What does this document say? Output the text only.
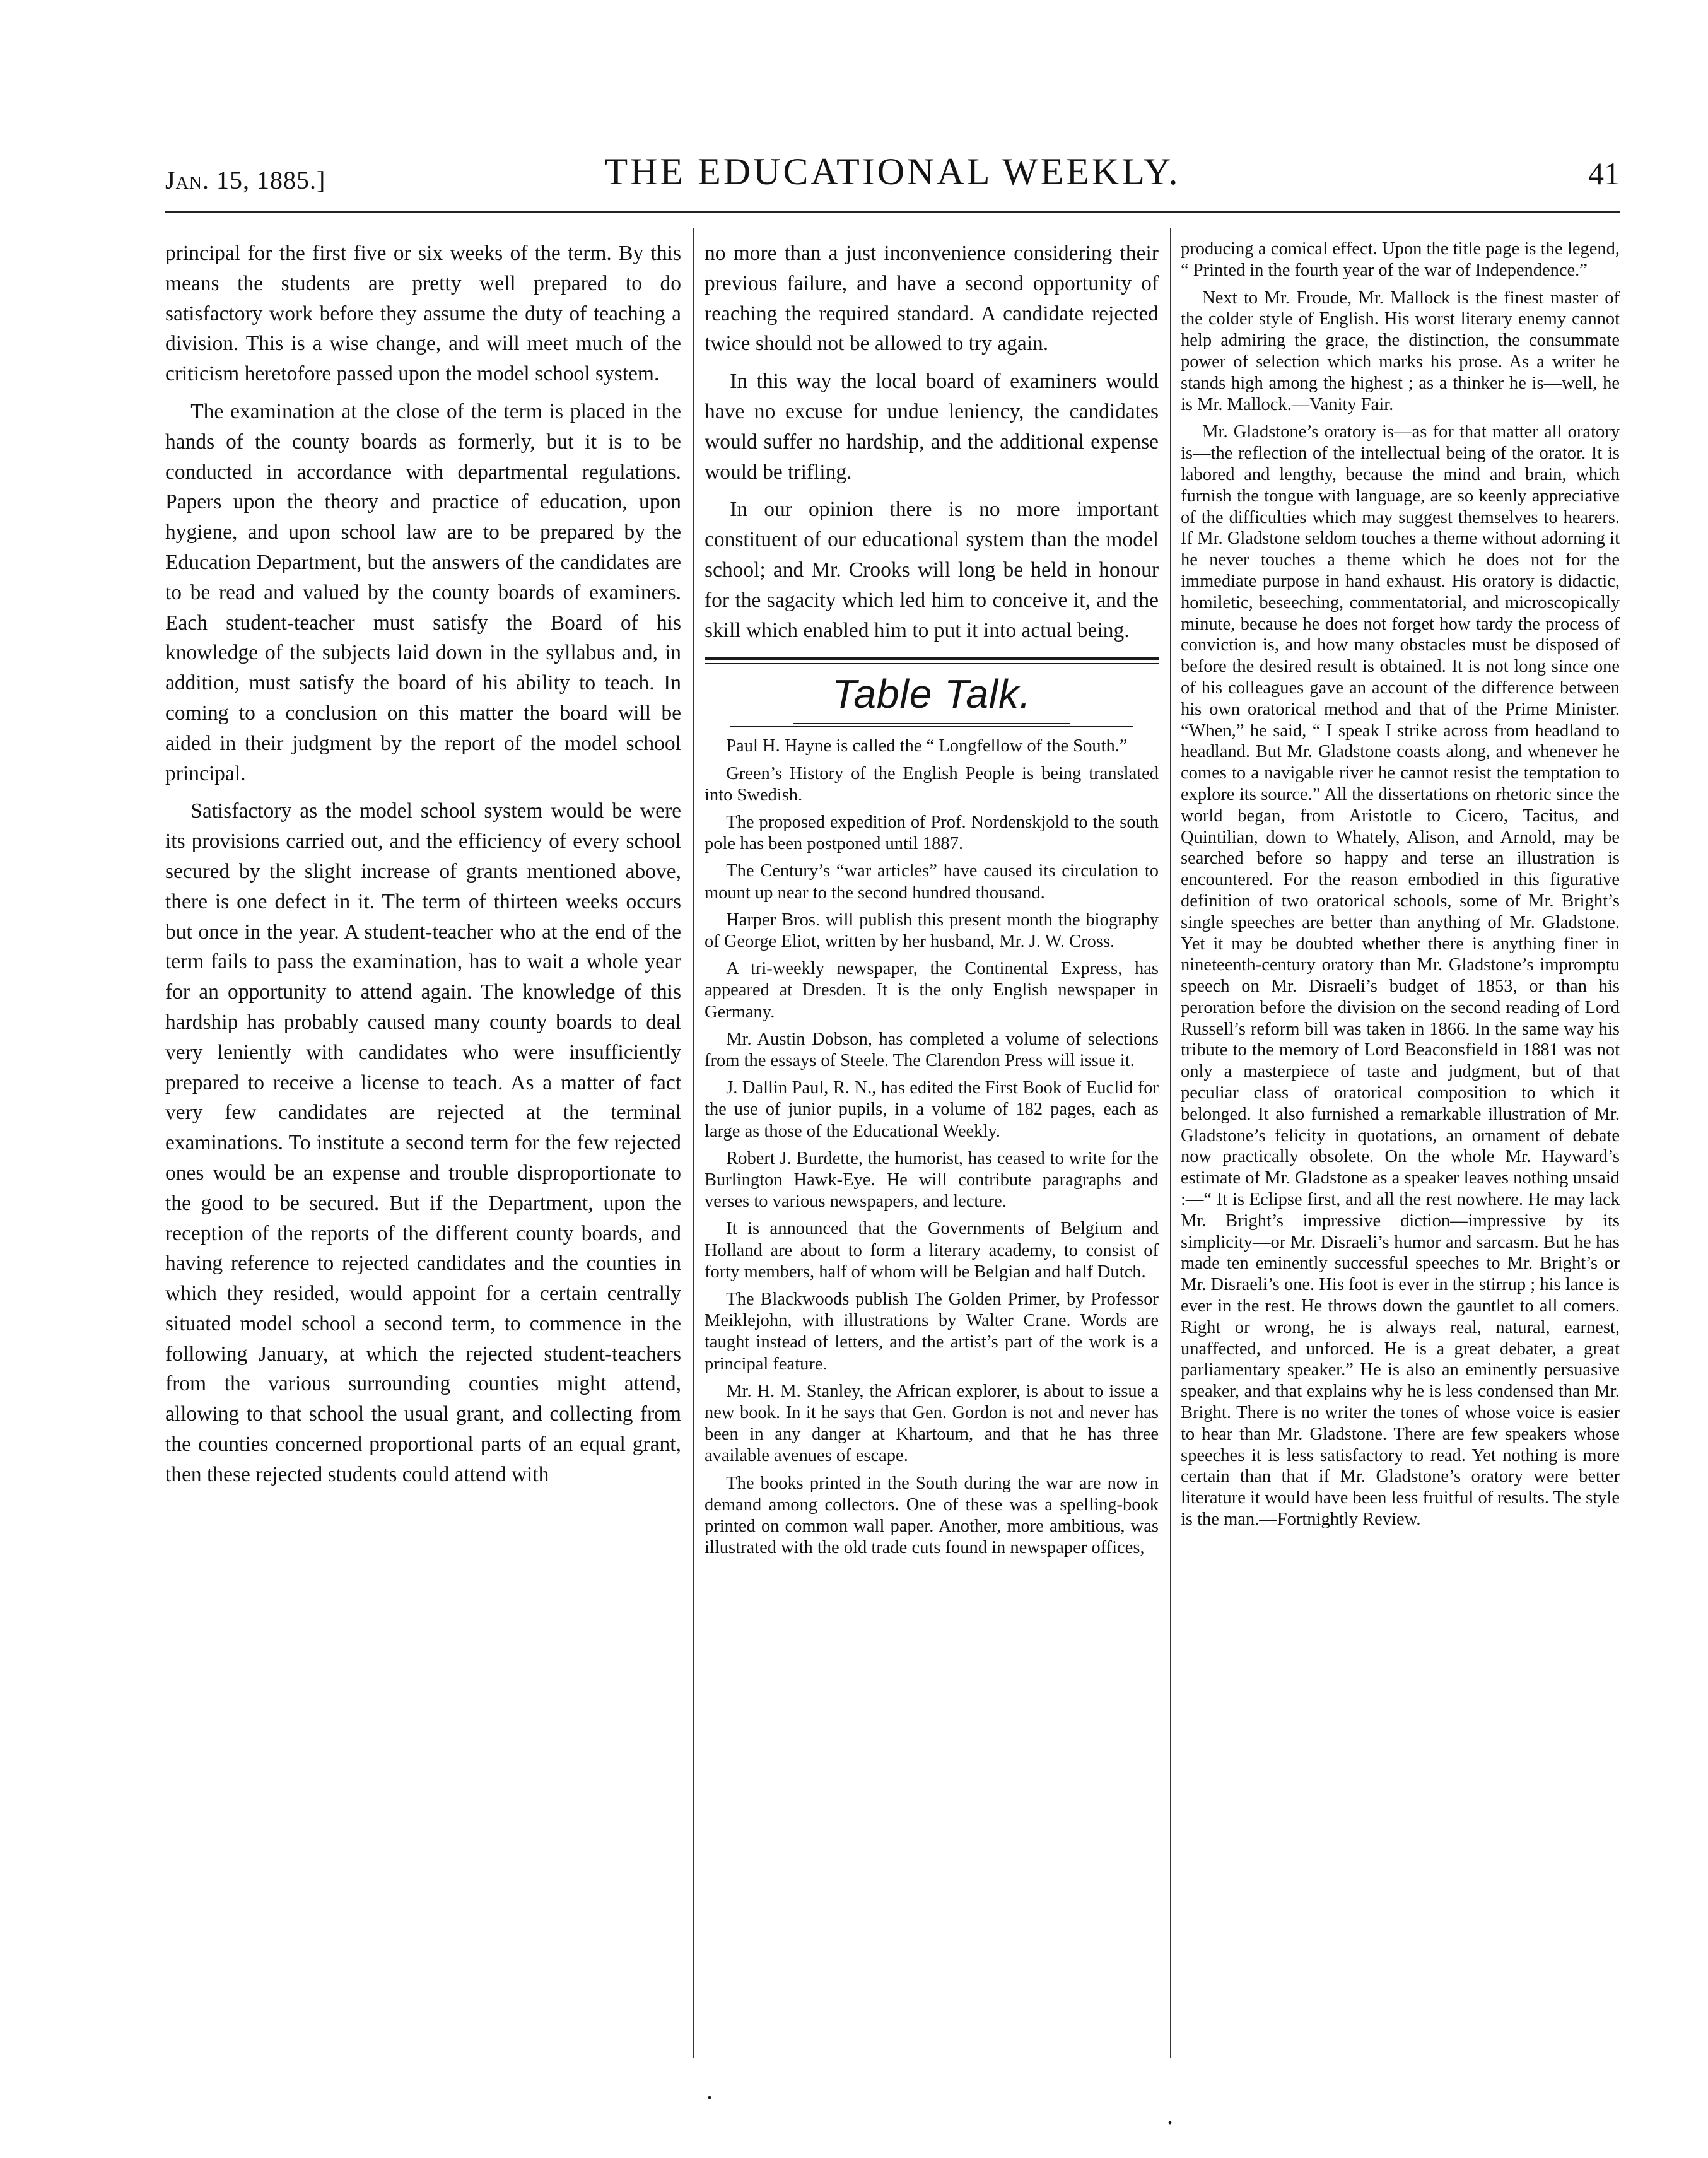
Jan. 15, 1885.]	THE EDUCATIONAL WEEKLY.	41

principal for the first five or six weeks of the term. By this means the students are pretty well prepared to do satisfactory work before they assume the duty of teaching a division. This is a wise change, and will meet much of the criticism heretofore passed upon the model school system.

The examination at the close of the term is placed in the hands of the county boards as formerly, but it is to be conducted in accordance with departmental regulations. Papers upon the theory and practice of education, upon hygiene, and upon school law are to be prepared by the Education Department, but the answers of the candidates are to be read and valued by the county boards of examiners. Each student-teacher must satisfy the Board of his knowledge of the subjects laid down in the syllabus and, in addition, must satisfy the board of his ability to teach. In coming to a conclusion on this matter the board will be aided in their judgment by the report of the model school principal.

Satisfactory as the model school system would be were its provisions carried out, and the efficiency of every school secured by the slight increase of grants mentioned above, there is one defect in it. The term of thirteen weeks occurs but once in the year. A student-teacher who at the end of the term fails to pass the examination, has to wait a whole year for an opportunity to attend again. The knowledge of this hardship has probably caused many county boards to deal very leniently with candidates who were insufficiently prepared to receive a license to teach. As a matter of fact very few candidates are rejected at the terminal examinations. To institute a second term for the few rejected ones would be an expense and trouble disproportionate to the good to be secured. But if the Department, upon the reception of the reports of the different county boards, and having reference to rejected candidates and the counties in which they resided, would appoint for a certain centrally situated model school a second term, to commence in the following January, at which the rejected student-teachers from the various surrounding counties might attend, allowing to that school the usual grant, and collecting from the counties concerned proportional parts of an equal grant, then these rejected students could attend with

no more than a just inconvenience considering their previous failure, and have a second opportunity of reaching the required standard. A candidate rejected twice should not be allowed to try again.

In this way the local board of examiners would have no excuse for undue leniency, the candidates would suffer no hardship, and the additional expense would be trifling.

In our opinion there is no more important constituent of our educational system than the model school; and Mr. Crooks will long be held in honour for the sagacity which led him to conceive it, and the skill which enabled him to put it into actual being.

Table Talk.

Paul H. Hayne is called the “ Longfellow of the South.”

Green’s History of the English People is being translated into Swedish.

The proposed expedition of Prof. Nordenskjold to the south pole has been postponed until 1887.

The Century’s “war articles” have caused its circulation to mount up near to the second hundred thousand.

Harper Bros. will publish this present month the biography of George Eliot, written by her husband, Mr. J. W. Cross.

A tri-weekly newspaper, the Continental Express, has appeared at Dresden. It is the only English newspaper in Germany.

Mr. Austin Dobson, has completed a volume of selections from the essays of Steele. The Clarendon Press will issue it.

J. Dallin Paul, R. N., has edited the First Book of Euclid for the use of junior pupils, in a volume of 182 pages, each as large as those of the Educational Weekly.

Robert J. Burdette, the humorist, has ceased to write for the Burlington Hawk-Eye. He will contribute paragraphs and verses to various newspapers, and lecture.

It is announced that the Governments of Belgium and Holland are about to form a literary academy, to consist of forty members, half of whom will be Belgian and half Dutch.

The Blackwoods publish The Golden Primer, by Professor Meiklejohn, with illustrations by Walter Crane. Words are taught instead of letters, and the artist’s part of the work is a principal feature.

Mr. H. M. Stanley, the African explorer, is about to issue a new book. In it he says that Gen. Gordon is not and never has been in any danger at Khartoum, and that he has three available avenues of escape.

The books printed in the South during the war are now in demand among collectors. One of these was a spelling-book printed on common wall paper. Another, more ambitious, was illustrated with the old trade cuts found in newspaper offices,

producing a comical effect. Upon the title page is the legend, “ Printed in the fourth year of the war of Independence.”

Next to Mr. Froude, Mr. Mallock is the finest master of the colder style of English. His worst literary enemy cannot help admiring the grace, the distinction, the consummate power of selection which marks his prose. As a writer he stands high among the highest ; as a thinker he is—well, he is Mr. Mallock.—Vanity Fair.

Mr. Gladstone’s oratory is—as for that matter all oratory is—the reflection of the intellectual being of the orator. It is labored and lengthy, because the mind and brain, which furnish the tongue with language, are so keenly appreciative of the difficulties which may suggest themselves to hearers. If Mr. Gladstone seldom touches a theme without adorning it he never touches a theme which he does not for the immediate purpose in hand exhaust. His oratory is didactic, homiletic, beseeching, commentatorial, and microscopically minute, because he does not forget how tardy the process of conviction is, and how many obstacles must be disposed of before the desired result is obtained. It is not long since one of his colleagues gave an account of the difference between his own oratorical method and that of the Prime Minister. “When,” he said, “ I speak I strike across from headland to headland. But Mr. Gladstone coasts along, and whenever he comes to a navigable river he cannot resist the temptation to explore its source.” All the dissertations on rhetoric since the world began, from Aristotle to Cicero, Tacitus, and Quintilian, down to Whately, Alison, and Arnold, may be searched before so happy and terse an illustration is encountered. For the reason embodied in this figurative definition of two oratorical schools, some of Mr. Bright’s single speeches are better than anything of Mr. Gladstone. Yet it may be doubted whether there is anything finer in nineteenth-century oratory than Mr. Gladstone’s impromptu speech on Mr. Disraeli’s budget of 1853, or than his peroration before the division on the second reading of Lord Russell’s reform bill was taken in 1866. In the same way his tribute to the memory of Lord Beaconsfield in 1881 was not only a masterpiece of taste and judgment, but of that peculiar class of oratorical composition to which it belonged. It also furnished a remarkable illustration of Mr. Gladstone’s felicity in quotations, an ornament of debate now practically obsolete. On the whole Mr. Hayward’s estimate of Mr. Gladstone as a speaker leaves nothing unsaid :—“ It is Eclipse first, and all the rest nowhere. He may lack Mr. Bright’s impressive diction—impressive by its simplicity—or Mr. Disraeli’s humor and sarcasm. But he has made ten eminently successful speeches to Mr. Bright’s or Mr. Disraeli’s one. His foot is ever in the stirrup ; his lance is ever in the rest. He throws down the gauntlet to all comers. Right or wrong, he is always real, natural, earnest, unaffected, and unforced. He is a great debater, a great parliamentary speaker.” He is also an eminently persuasive speaker, and that explains why he is less condensed than Mr. Bright. There is no writer the tones of whose voice is easier to hear than Mr. Gladstone. There are few speakers whose speeches it is less satisfactory to read. Yet nothing is more certain than that if Mr. Gladstone’s oratory were better literature it would have been less fruitful of results. The style is the man.—Fortnightly Review.

.
.
